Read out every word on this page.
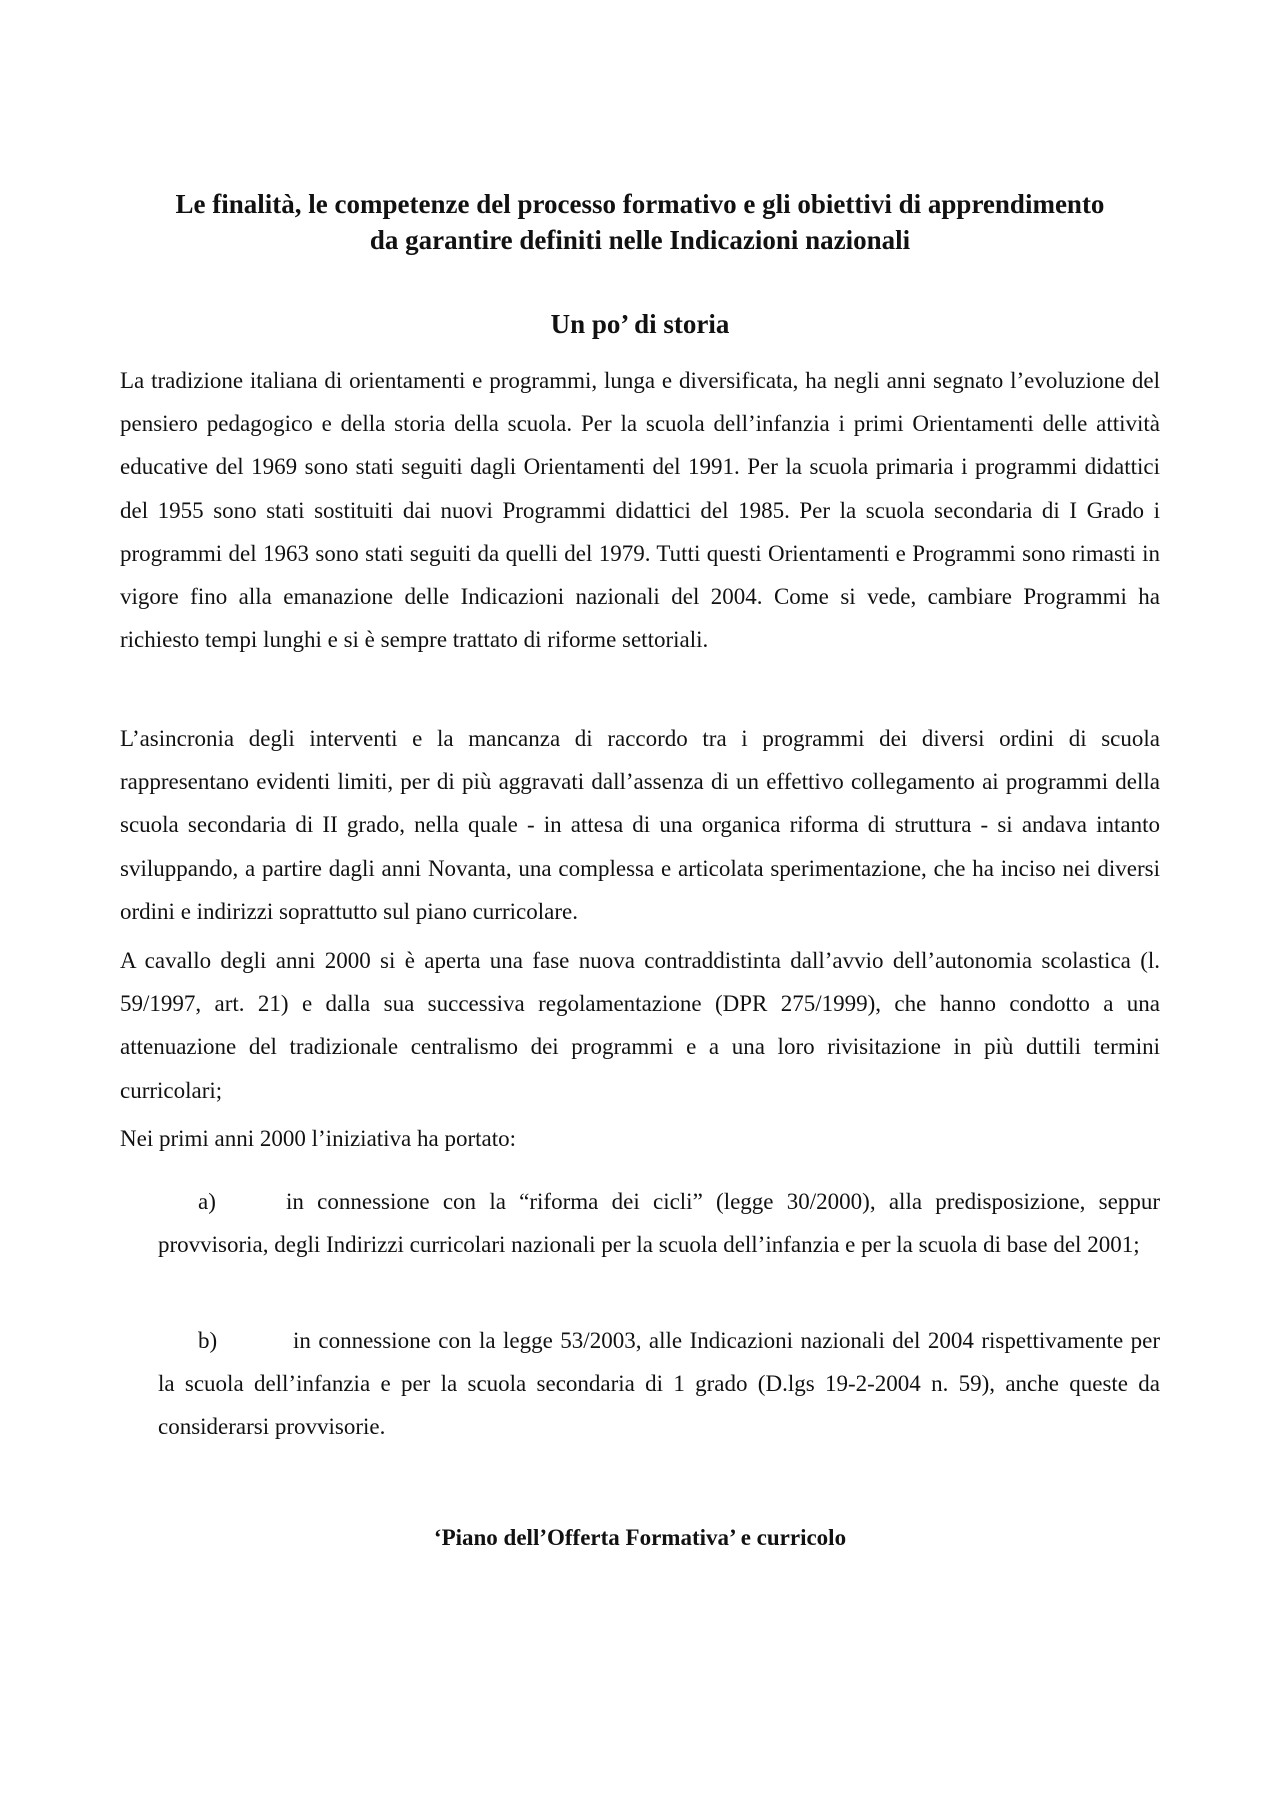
Le finalità, le competenze del processo formativo e gli obiettivi di apprendimento
da garantire definiti nelle Indicazioni nazionali
Un po’ di storia

La tradizione italiana di orientamenti e programmi, lunga e diversificata, ha negli anni segnato l’evoluzione del pensiero pedagogico e della storia della scuola. Per la scuola dell’infanzia i primi Orientamenti delle attività educative del 1969 sono stati seguiti dagli Orientamenti del 1991. Per la scuola primaria i programmi didattici del 1955 sono stati sostituiti dai nuovi Programmi didattici del 1985. Per la scuola secondaria di I Grado i programmi del 1963 sono stati seguiti da quelli del 1979. Tutti questi Orientamenti e Programmi sono rimasti in vigore fino alla emanazione delle Indicazioni nazionali del 2004. Come si vede, cambiare Programmi ha richiesto tempi lunghi e si è sempre trattato di riforme settoriali.

L’asincronia degli interventi e la mancanza di raccordo tra i programmi dei diversi ordini di scuola rappresentano evidenti limiti, per di più aggravati dall’assenza di un effettivo collegamento ai programmi della scuola secondaria di II grado, nella quale - in attesa di una organica riforma di struttura - si andava intanto sviluppando, a partire dagli anni Novanta, una complessa e articolata sperimentazione, che ha inciso nei diversi ordini e indirizzi soprattutto sul piano curricolare.

A cavallo degli anni 2000 si è aperta una fase nuova contraddistinta dall’avvio dell’autonomia scolastica (l. 59/1997, art. 21) e dalla sua successiva regolamentazione (DPR 275/1999), che hanno condotto a una attenuazione del tradizionale centralismo dei programmi e a una loro rivisitazione in più duttili termini curricolari;

Nei primi anni 2000 l’iniziativa ha portato:

a)	in connessione con la “riforma dei cicli” (legge 30/2000), alla predisposizione, seppur provvisoria, degli Indirizzi curricolari nazionali per la scuola dell’infanzia e per la scuola di base del 2001;

b)	in connessione con la legge 53/2003, alle Indicazioni nazionali del 2004 rispettivamente per la scuola dell’infanzia e per la scuola secondaria di 1 grado (D.lgs 19-2-2004 n. 59), anche queste da considerarsi provvisorie.

‘Piano dell’Offerta Formativa’ e curricolo
